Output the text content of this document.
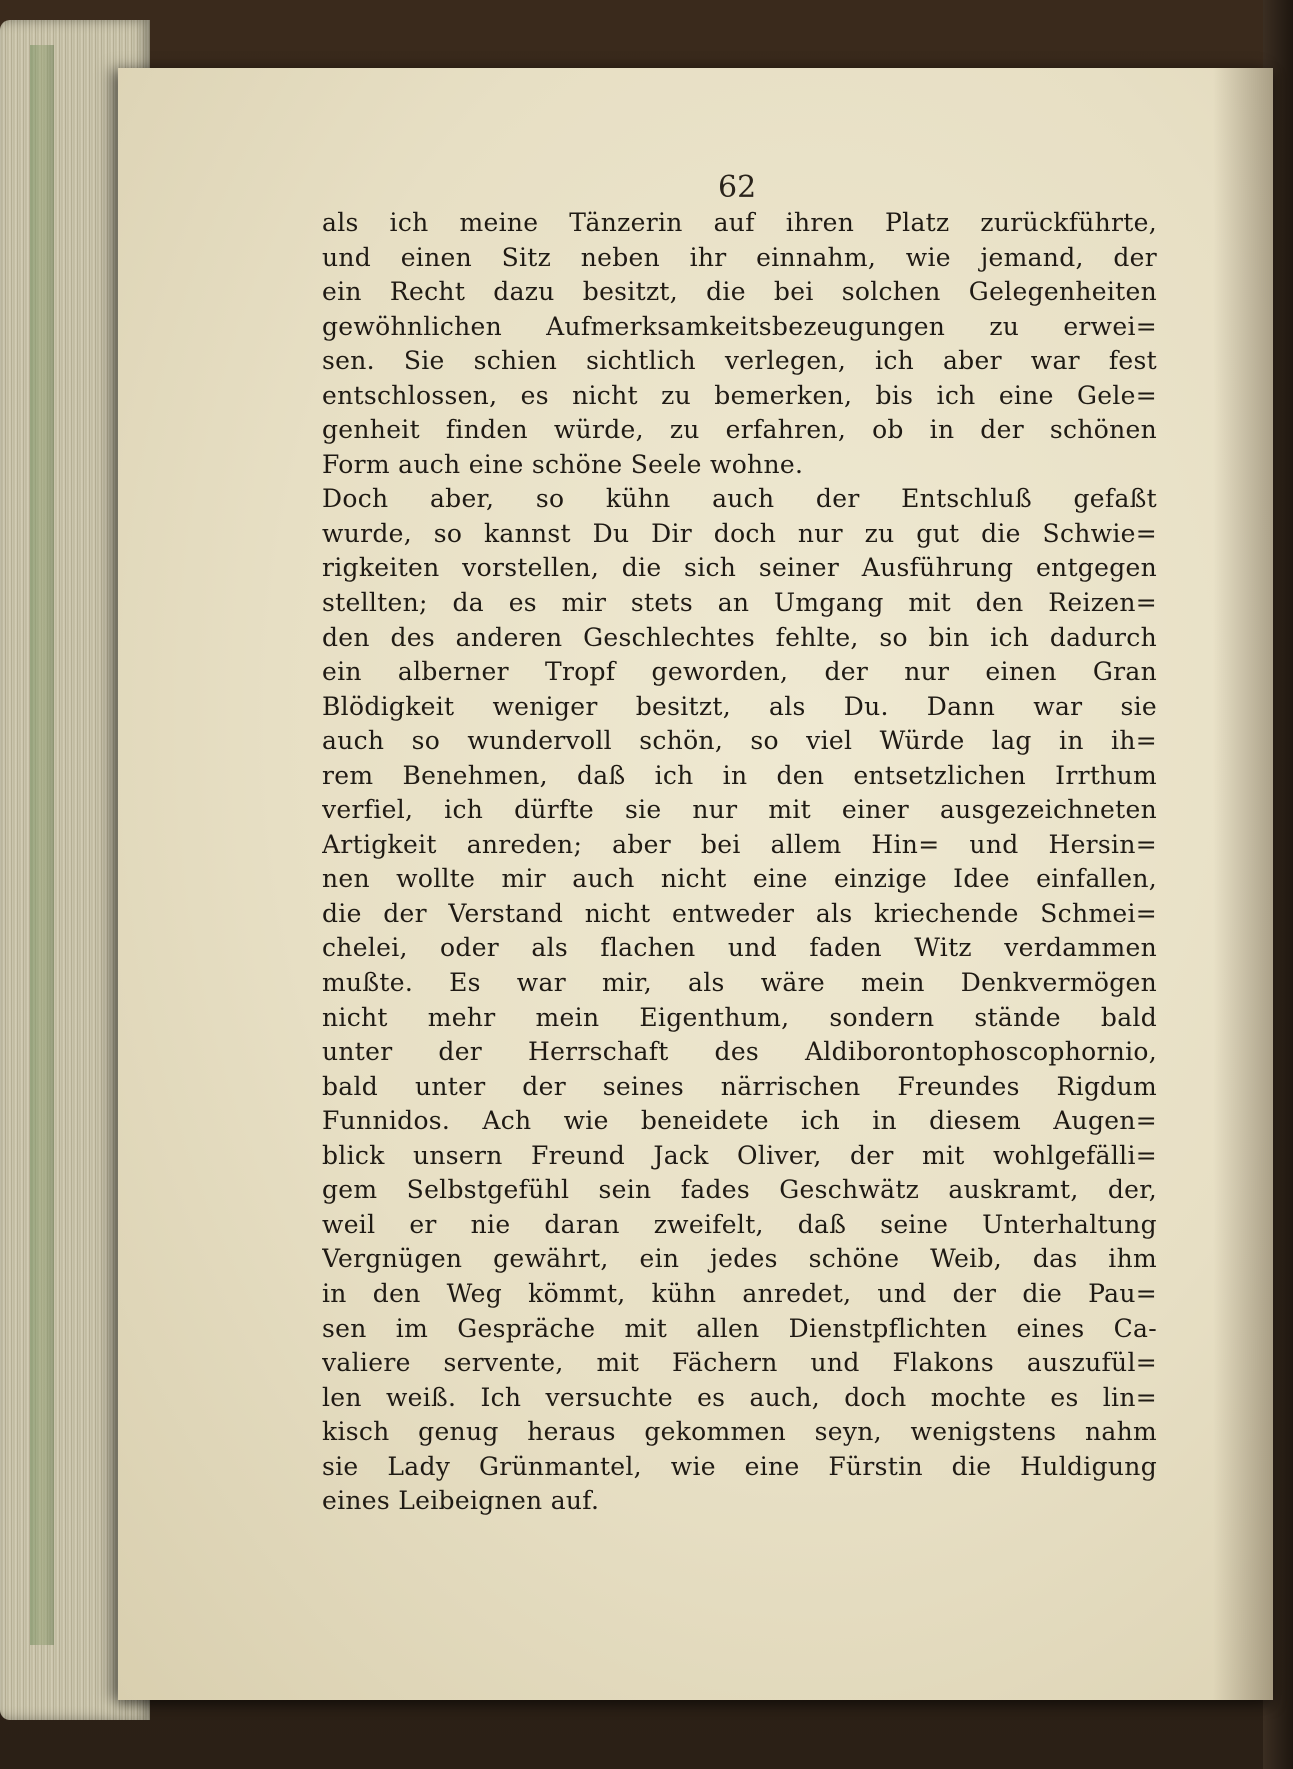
62
als ich meine Tänzerin auf ihren Platz zurückführte,
und einen Sitz neben ihr einnahm, wie jemand, der
ein Recht dazu besitzt, die bei solchen Gelegenheiten
gewöhnlichen Aufmerksamkeitsbezeugungen zu erwei=
sen. Sie schien sichtlich verlegen, ich aber war fest
entschlossen, es nicht zu bemerken, bis ich eine Gele=
genheit finden würde, zu erfahren, ob in der schönen
Form auch eine schöne Seele wohne.
Doch aber, so kühn auch der Entschluß gefaßt
wurde, so kannst Du Dir doch nur zu gut die Schwie=
rigkeiten vorstellen, die sich seiner Ausführung entgegen
stellten; da es mir stets an Umgang mit den Reizen=
den des anderen Geschlechtes fehlte, so bin ich dadurch
ein alberner Tropf geworden, der nur einen Gran
Blödigkeit weniger besitzt, als Du. Dann war sie
auch so wundervoll schön, so viel Würde lag in ih=
rem Benehmen, daß ich in den entsetzlichen Irrthum
verfiel, ich dürfte sie nur mit einer ausgezeichneten
Artigkeit anreden; aber bei allem Hin= und Hersin=
nen wollte mir auch nicht eine einzige Idee einfallen,
die der Verstand nicht entweder als kriechende Schmei=
chelei, oder als flachen und faden Witz verdammen
mußte. Es war mir, als wäre mein Denkvermögen
nicht mehr mein Eigenthum, sondern stände bald
unter der Herrschaft des Aldiborontophoscophornio,
bald unter der seines närrischen Freundes Rigdum
Funnidos. Ach wie beneidete ich in diesem Augen=
blick unsern Freund Jack Oliver, der mit wohlgefälli=
gem Selbstgefühl sein fades Geschwätz auskramt, der,
weil er nie daran zweifelt, daß seine Unterhaltung
Vergnügen gewährt, ein jedes schöne Weib, das ihm
in den Weg kömmt, kühn anredet, und der die Pau=
sen im Gespräche mit allen Dienstpflichten eines Ca-
valiere servente, mit Fächern und Flakons auszufül=
len weiß. Ich versuchte es auch, doch mochte es lin=
kisch genug heraus gekommen seyn, wenigstens nahm
sie Lady Grünmantel, wie eine Fürstin die Huldigung
eines Leibeignen auf.
